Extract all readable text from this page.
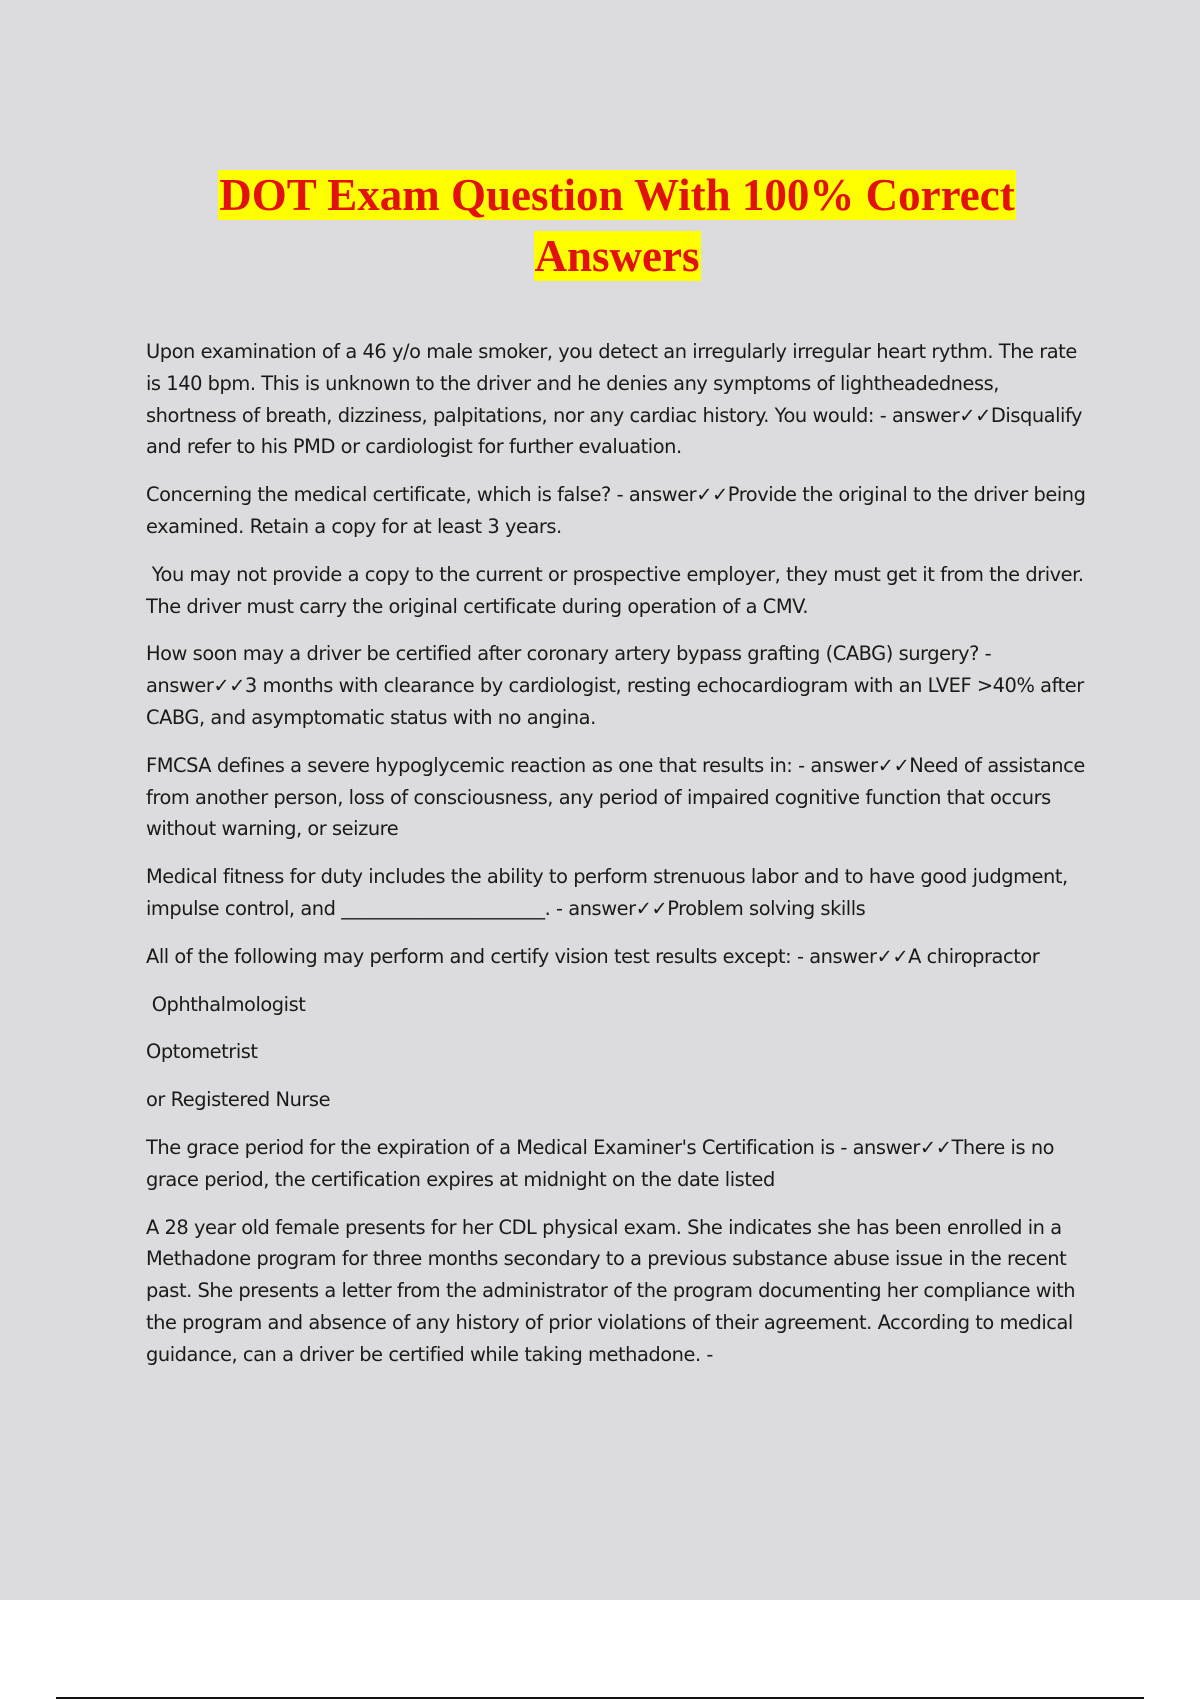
DOT Exam Question With 100% Correct

Answers

Upon examination of a 46 y/o male smoker, you detect an irregularly irregular heart rythm. The rate is 140 bpm. This is unknown to the driver and he denies any symptoms of lightheadedness, shortness of breath, dizziness, palpitations, nor any cardiac history. You would: - answer✓✓Disqualify and refer to his PMD or cardiologist for further evaluation.

Concerning the medical certificate, which is false? - answer✓✓Provide the original to the driver being examined. Retain a copy for at least 3 years.

You may not provide a copy to the current or prospective employer, they must get it from the driver. The driver must carry the original certificate during operation of a CMV.

How soon may a driver be certified after coronary artery bypass grafting (CABG) surgery? - answer✓✓3 months with clearance by cardiologist, resting echocardiogram with an LVEF >40% after CABG, and asymptomatic status with no angina.

FMCSA defines a severe hypoglycemic reaction as one that results in: - answer✓✓Need of assistance from another person, loss of consciousness, any period of impaired cognitive function that occurs without warning, or seizure

Medical fitness for duty includes the ability to perform strenuous labor and to have good judgment, impulse control, and ______________________. - answer✓✓Problem solving skills

All of the following may perform and certify vision test results except: - answer✓✓A chiropractor

Ophthalmologist

Optometrist

or Registered Nurse

The grace period for the expiration of a Medical Examiner's Certification is - answer✓✓There is no grace period, the certification expires at midnight on the date listed

A 28 year old female presents for her CDL physical exam. She indicates she has been enrolled in a Methadone program for three months secondary to a previous substance abuse issue in the recent past. She presents a letter from the administrator of the program documenting her compliance with the program and absence of any history of prior violations of their agreement. According to medical guidance, can a driver be certified while taking methadone. -
